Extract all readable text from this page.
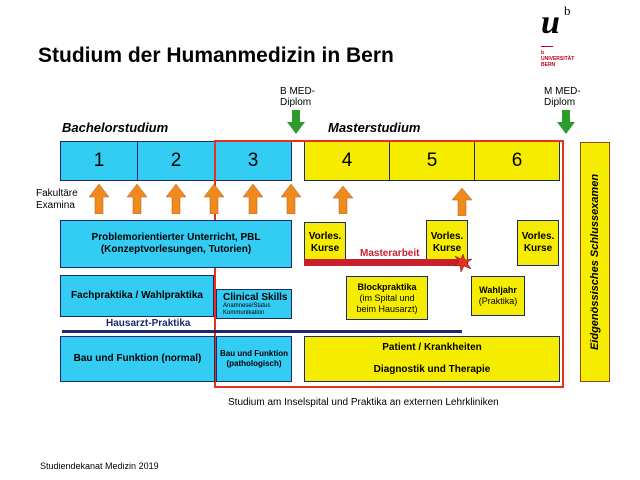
Studium der Humanmedizin in Bern
u b
b
UNIVERSITÄT
BERN
B MED-
Diplom
M MED-
Diplom
Bachelorstudium	Masterstudium
1	2	3	4	5	6
Fakultäre
Examina
Problemorientierter Unterricht, PBL
(Konzeptvorlesungen, Tutorien)
Fachpraktika / Wahlpraktika	Clinical Skills
Anamnese/Status
Kommunikation
Hausarzt-Praktika
Bau und Funktion (normal)	Bau und Funktion
(pathologisch)
Vorles.
Kurse
Vorles.
Kurse
Vorles.
Kurse
Masterarbeit
Blockpraktika
(im Spital und
beim Hausarzt)
Wahljahr
(Praktika)
Patient / Krankheiten
Diagnostik und Therapie
Eidgenössisches Schlussexamen
Studium am Inselspital und Praktika an externen Lehrkliniken
Studiendekanat Medizin 2019
